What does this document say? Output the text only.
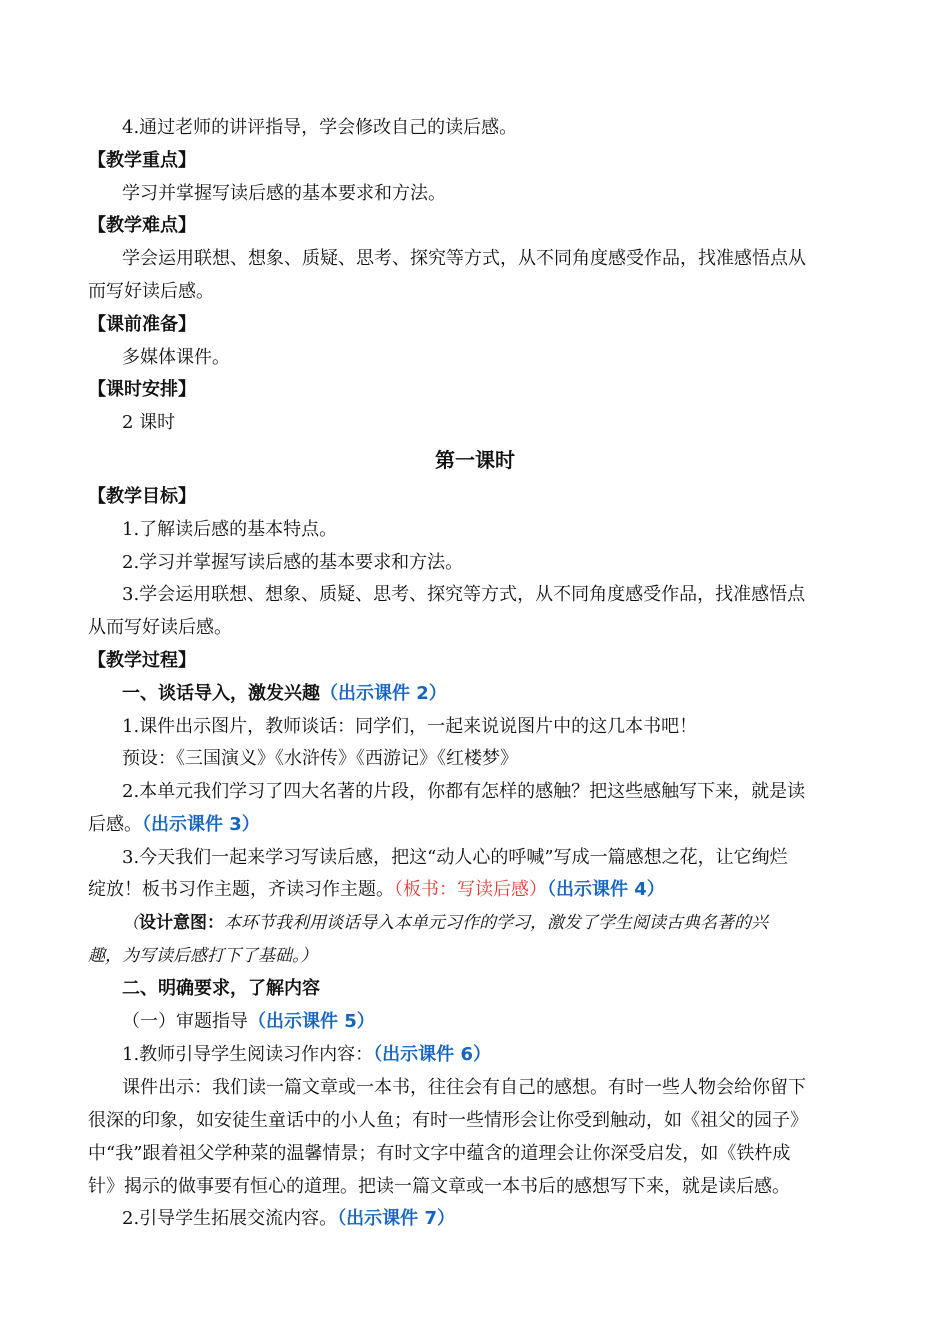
4.通过老师的讲评指导，学会修改自己的读后感。
【教学重点】
学习并掌握写读后感的基本要求和方法。
【教学难点】
学会运用联想、想象、质疑、思考、探究等方式，从不同角度感受作品，找准感悟点从
而写好读后感。
【课前准备】
多媒体课件。
【课时安排】
2 课时
第一课时
【教学目标】
1.了解读后感的基本特点。
2.学习并掌握写读后感的基本要求和方法。
3.学会运用联想、想象、质疑、思考、探究等方式，从不同角度感受作品，找准感悟点
从而写好读后感。
【教学过程】
一、谈话导入，激发兴趣（出示课件 2）
1.课件出示图片，教师谈话：同学们，一起来说说图片中的这几本书吧！
预设：《三国演义》《水浒传》《西游记》《红楼梦》
2.本单元我们学习了四大名著的片段，你都有怎样的感触？把这些感触写下来，就是读
后感。（出示课件 3）
3.今天我们一起来学习写读后感，把这“动人心的呼喊”写成一篇感想之花，让它绚烂
绽放！板书习作主题，齐读习作主题。（板书：写读后感）（出示课件 4）
（设计意图：本环节我利用谈话导入本单元习作的学习，激发了学生阅读古典名著的兴
趣，为写读后感打下了基础。）
二、明确要求，了解内容
（一）审题指导（出示课件 5）
1.教师引导学生阅读习作内容：（出示课件 6）
课件出示：我们读一篇文章或一本书，往往会有自己的感想。有时一些人物会给你留下
很深的印象，如安徒生童话中的小人鱼；有时一些情形会让你受到触动，如《祖父的园子》
中“我”跟着祖父学种菜的温馨情景；有时文字中蕴含的道理会让你深受启发，如《铁杵成
针》揭示的做事要有恒心的道理。把读一篇文章或一本书后的感想写下来，就是读后感。
2.引导学生拓展交流内容。（出示课件 7）
